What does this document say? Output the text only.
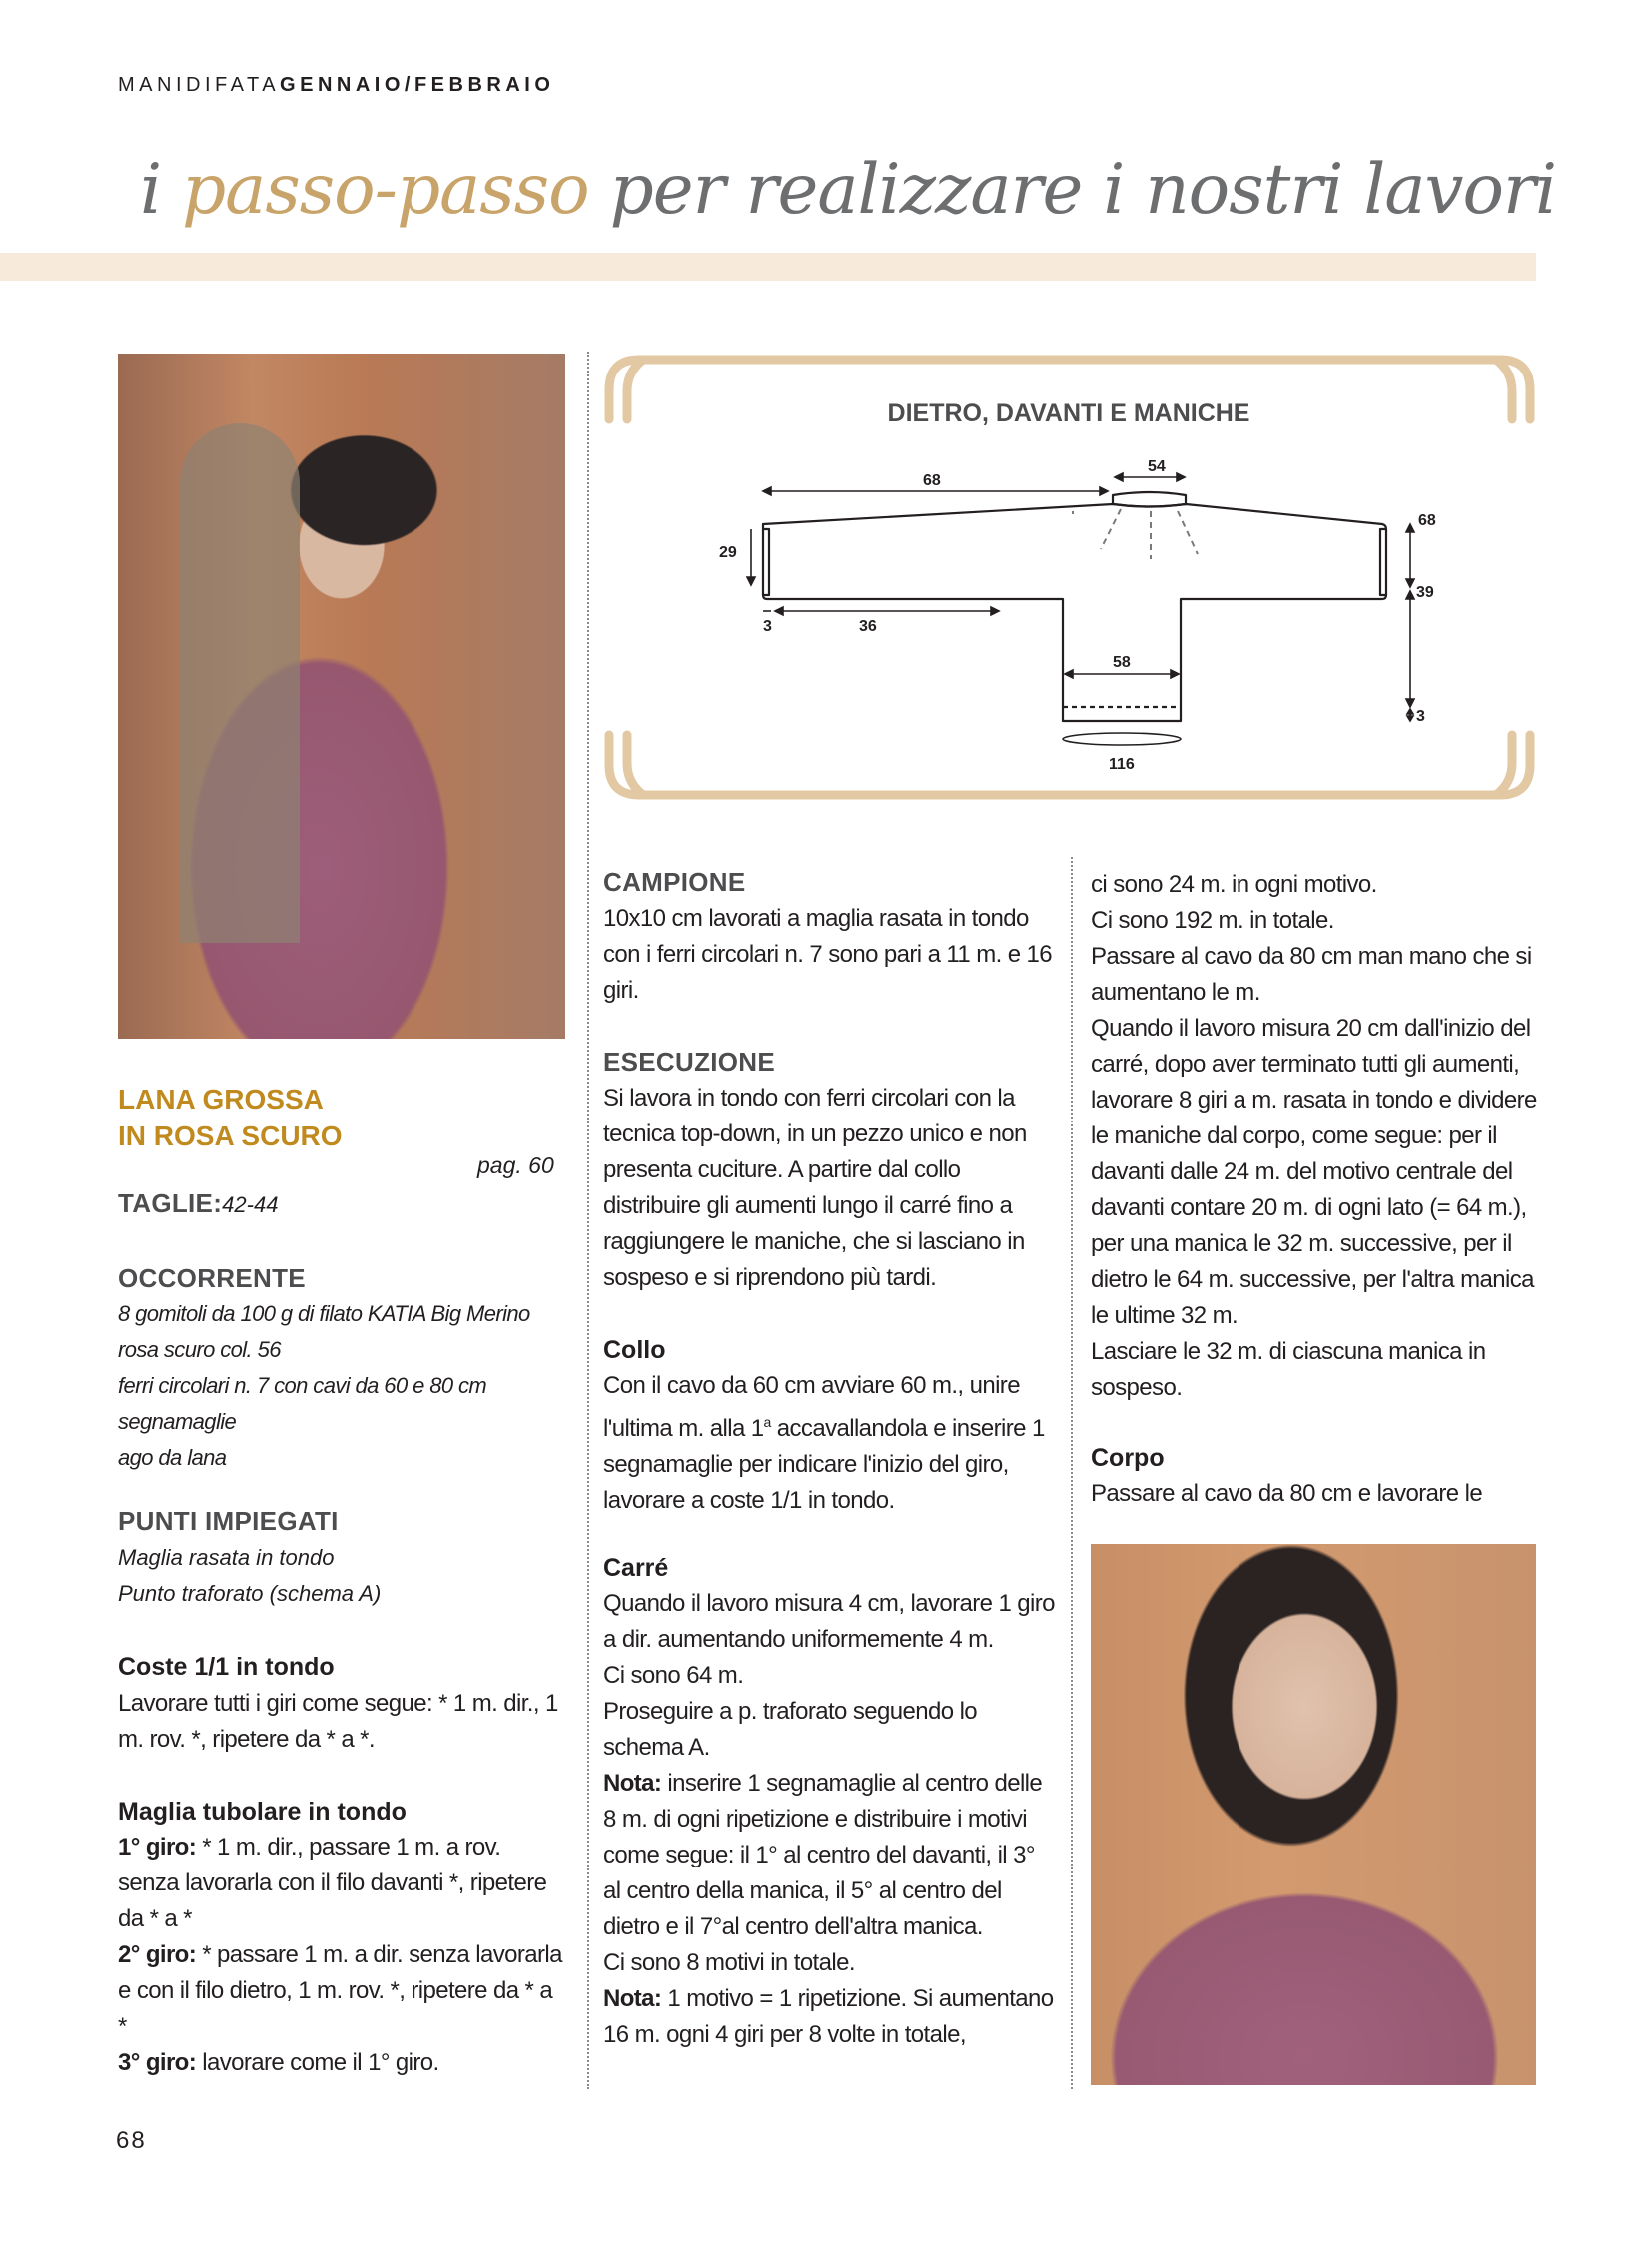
MANIDIFATAGENNAIO/FEBBRAIO
i passo-passo per realizzare i nostri lavori
LANA GROSSA
IN ROSA SCURO
pag. 60
TAGLIE:42-44
OCCORRENTE
8 gomitoli da 100 g di filato KATIA Big Merino
rosa scuro col. 56
ferri circolari n. 7 con cavi da 60 e 80 cm
segnamaglie
ago da lana
PUNTI IMPIEGATI
Maglia rasata in tondo
Punto traforato (schema A)
Coste 1/1 in tondo
Lavorare tutti i giri come segue: * 1 m. dir., 1 m. rov. *, ripetere da * a *.
Maglia tubolare in tondo
1° giro: * 1 m. dir., passare 1 m. a rov. senza lavorarla con il filo davanti *, ripetere da * a *
2° giro: * passare 1 m. a dir. senza lavorarla e con il filo dietro, 1 m. rov. *, ripetere da * a *
3° giro: lavorare come il 1° giro.
54
68
29
3	36
58
116
68
39
3
DIETRO, DAVANTI E MANICHE
CAMPIONE
10x10 cm lavorati a maglia rasata in tondo con i ferri circolari n. 7 sono pari a 11 m. e 16 giri.
ESECUZIONE
Si lavora in tondo con ferri circolari con la tecnica top-down, in un pezzo unico e non presenta cuciture. A partire dal collo distribuire gli aumenti lungo il carré fino a raggiungere le maniche, che si lasciano in sospeso e si riprendono più tardi.
Collo
Con il cavo da 60 cm avviare 60 m., unire l'ultima m. alla 1$^a$ accavallandola e inserire 1 segnamaglie per indicare l'inizio del giro, lavorare a coste 1/1 in tondo.
Carré
Quando il lavoro misura 4 cm, lavorare 1 giro a dir. aumentando uniformemente 4 m.
Ci sono 64 m.
Proseguire a p. traforato seguendo lo schema A.
Nota: inserire 1 segnamaglie al centro delle 8 m. di ogni ripetizione e distribuire i motivi come segue: il 1° al centro del davanti, il 3° al centro della manica, il 5° al centro del dietro e il 7°al centro dell'altra manica.
Ci sono 8 motivi in totale.
Nota: 1 motivo = 1 ripetizione. Si aumentano 16 m. ogni 4 giri per 8 volte in totale,
ci sono 24 m. in ogni motivo.
Ci sono 192 m. in totale.
Passare al cavo da 80 cm man mano che si aumentano le m.
Quando il lavoro misura 20 cm dall'inizio del carré, dopo aver terminato tutti gli aumenti, lavorare 8 giri a m. rasata in tondo e dividere le maniche dal corpo, come segue: per il davanti dalle 24 m. del motivo centrale del davanti contare 20 m. di ogni lato (= 64 m.), per una manica le 32 m. successive, per il dietro le 64 m. successive, per l'altra manica le ultime 32 m.
Lasciare le 32 m. di ciascuna manica in sospeso.
Corpo
Passare al cavo da 80 cm e lavorare le
68
